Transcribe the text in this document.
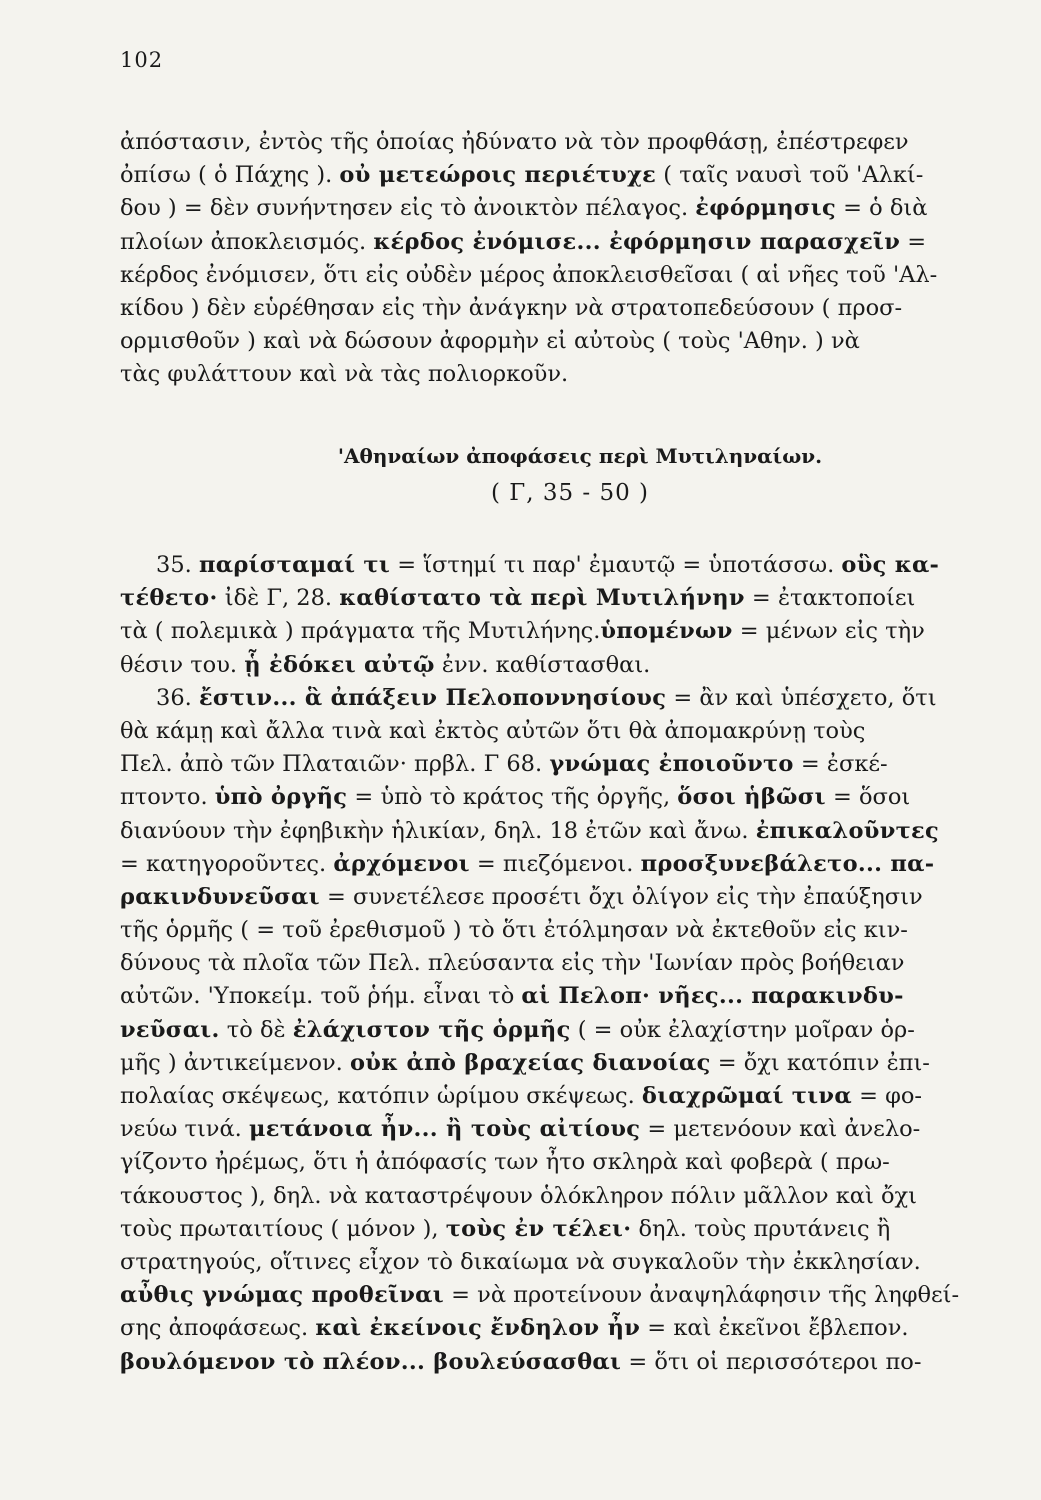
102
ἀπόστασιν, ἐντὸς τῆς ὁποίας ἠδύνατο νὰ τὸν προφθάσῃ, ἐπέστρεφεν
ὀπίσω ( ὁ Πάχης ). οὐ μετεώροις περιέτυχε ( ταῖς ναυσὶ τοῦ 'Αλκί-
δου ) = δὲν συνήντησεν εἰς τὸ ἀνοικτὸν πέλαγος. ἐφόρμησις = ὁ διὰ
πλοίων ἀποκλεισμός. κέρδος ἐνόμισε... ἐφόρμησιν παρασχεῖν =
κέρδος ἐνόμισεν, ὅτι εἰς οὐδὲν μέρος ἀποκλεισθεῖσαι ( αἱ νῆες τοῦ 'Αλ-
κίδου ) δὲν εὑρέθησαν εἰς τὴν ἀνάγκην νὰ στρατοπεδεύσουν ( προσ-
ορμισθοῦν ) καὶ νὰ δώσουν ἀφορμὴν εἰ αὐτοὺς ( τοὺς 'Αθην. ) νὰ
τὰς φυλάττουν καὶ νὰ τὰς πολιορκοῦν.
'Αθηναίων ἀποφάσεις περὶ Μυτιληναίων.
( Γ, 35 - 50 )
35. παρίσταμαί τι = ἵστημί τι παρ' ἐμαυτῷ = ὑποτάσσω. οὓς κα-
τέθετο· ἰδὲ Γ, 28. καθίστατο τὰ περὶ Μυτιλήνην = ἐτακτοποίει
τὰ ( πολεμικὰ ) πράγματα τῆς Μυτιλήνης.ὑπομένων = μένων εἰς τὴν
θέσιν του. ᾗ ἐδόκει αὐτῷ ἐνν. καθίστασθαι.
36. ἔστιν... ἃ ἀπάξειν Πελοποννησίους = ἂν καὶ ὑπέσχετο, ὅτι
θὰ κάμῃ καὶ ἄλλα τινὰ καὶ ἐκτὸς αὐτῶν ὅτι θὰ ἀπομακρύνῃ τοὺς
Πελ. ἀπὸ τῶν Πλαταιῶν· πρβλ. Γ 68. γνώμας ἐποιοῦντο = ἐσκέ-
πτοντο. ὑπὸ ὀργῆς = ὑπὸ τὸ κράτος τῆς ὀργῆς, ὅσοι ἡβῶσι = ὅσοι
διανύουν τὴν ἐφηβικὴν ἡλικίαν, δηλ. 18 ἐτῶν καὶ ἄνω. ἐπικαλοῦντες
= κατηγοροῦντες. ἀρχόμενοι = πιεζόμενοι. προσξυνεβάλετο... πα-
ρακινδυνεῦσαι = συνετέλεσε προσέτι ὄχι ὀλίγον εἰς τὴν ἐπαύξησιν
τῆς ὁρμῆς ( = τοῦ ἐρεθισμοῦ ) τὸ ὅτι ἐτόλμησαν νὰ ἐκτεθοῦν εἰς κιν-
δύνους τὰ πλοῖα τῶν Πελ. πλεύσαντα εἰς τὴν 'Ιωνίαν πρὸς βοήθειαν
αὐτῶν. 'Υποκείμ. τοῦ ῥήμ. εἶναι τὸ αἱ Πελοπ· νῆες... παρακινδυ-
νεῦσαι. τὸ δὲ ἐλάχιστον τῆς ὁρμῆς ( = οὐκ ἐλαχίστην μοῖραν ὁρ-
μῆς ) ἀντικείμενον. οὐκ ἀπὸ βραχείας διανοίας = ὄχι κατόπιν ἐπι-
πολαίας σκέψεως, κατόπιν ὡρίμου σκέψεως. διαχρῶμαί τινα = φο-
νεύω τινά. μετάνοια ἦν... ἢ τοὺς αἰτίους = μετενόουν καὶ ἀνελο-
γίζοντο ἠρέμως, ὅτι ἡ ἀπόφασίς των ἦτο σκληρὰ καὶ φοβερὰ ( πρω-
τάκουστος ), δηλ. νὰ καταστρέψουν ὁλόκληρον πόλιν μᾶλλον καὶ ὄχι
τοὺς πρωταιτίους ( μόνον ), τοὺς ἐν τέλει· δηλ. τοὺς πρυτάνεις ἢ
στρατηγούς, οἵτινες εἶχον τὸ δικαίωμα νὰ συγκαλοῦν τὴν ἐκκλησίαν.
αὖθις γνώμας προθεῖναι = νὰ προτείνουν ἀναψηλάφησιν τῆς ληφθεί-
σης ἀποφάσεως. καὶ ἐκείνοις ἔνδηλον ἦν = καὶ ἐκεῖνοι ἔβλεπον.
βουλόμενον τὸ πλέον... βουλεύσασθαι = ὅτι οἱ περισσότεροι πο-
